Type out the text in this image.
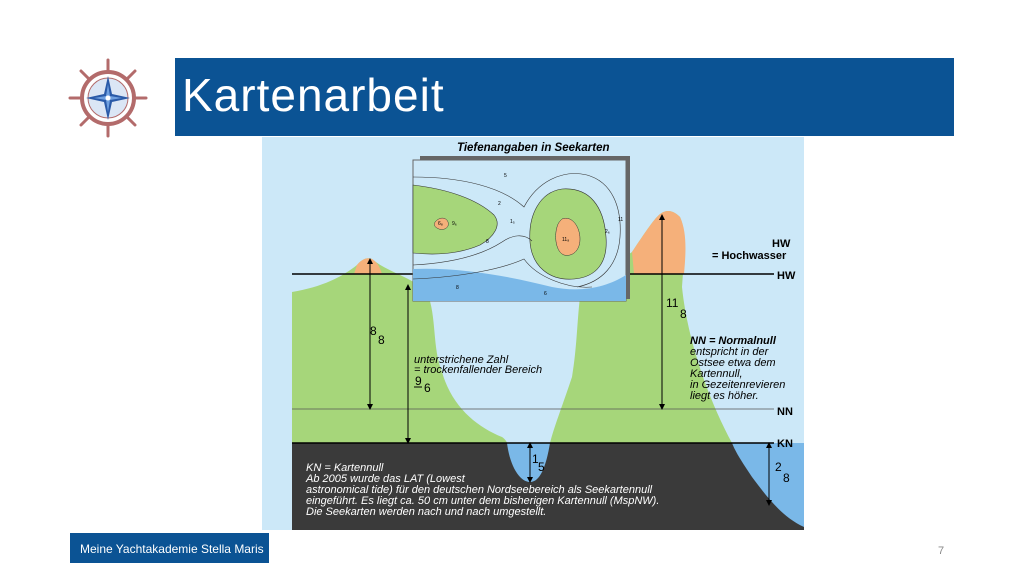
Kartenarbeit
Tiefenangaben in Seekarten
HW
= Hochwasser
HW
NN
KN
8
8
unterstrichene Zahl
= trockenfallender Bereich
9 6
11
8
NN = Normalnull
entspricht in der
Ostsee etwa dem
Kartennull,
in Gezeitenrevieren
liegt es höher.
1
5	2
8
KN = Kartennull
Ab 2005 wurde das LAT (Lowest
astronomical tide) für den deutschen Nordseebereich als Seekartennull
eingeführt. Es liegt ca. 50 cm unter dem bisherigen Kartennull (MspNW).
Die Seekarten werden nach und nach umgestellt.
5
2
1₅
2₆
11
8
8
6
6₈ 9₆
11₈
Meine Yachtakademie Stella Maris	7
